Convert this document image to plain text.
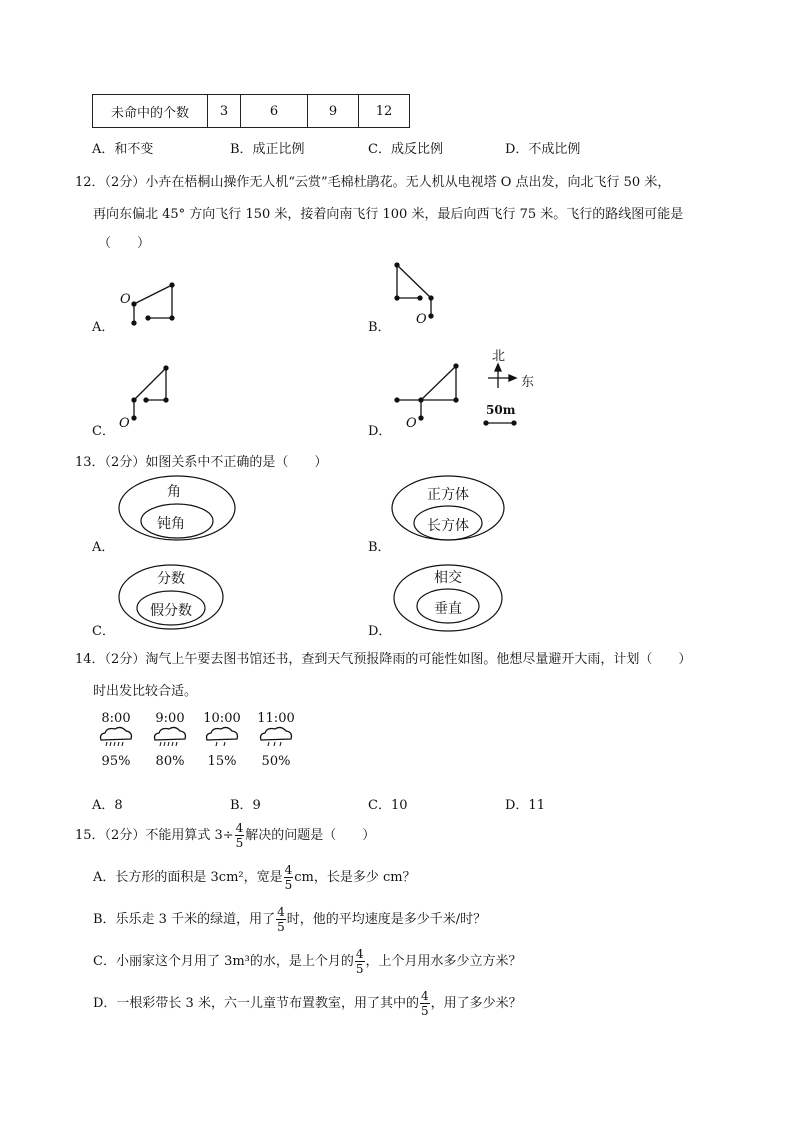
未命中的个数	3	6	9	12
A．和不变	B．成正比例	C．成反比例	D．不成比例
12．（2分）小卉在梧桐山操作无人机“云赏”毛棉杜鹃花。无人机从电视塔 O 点出发，向北飞行 50 米，
再向东偏北 45° 方向飞行 150 米，接着向南飞行 100 米，最后向西飞行 75 米。飞行的路线图可能是
（　　）
A．	B．
C．	D．
O
O
O	O
北
东
50m
13．（2分）如图关系中不正确的是（　　）
A．	B．
C．	D．
角
钝角
正方体
长方体
分数
假分数
相交
垂直
14．（2分）淘气上午要去图书馆还书，查到天气预报降雨的可能性如图。他想尽量避开大雨，计划（　　）
时出发比较合适。
8:00
95%
9:00
80%
10:00
15%
11:00
50%
A．8	B．9	C．10	D．11
15．（2分）不能用算式 $3\div \frac{4}{5}$ 解决的问题是（　　）
A．长方形的面积是 3cm²，宽是 $\frac{4}{5}$ cm，长是多少 cm？
B．乐乐走 3 千米的绿道，用了 $\frac{4}{5}$ 时，他的平均速度是多少千米/时？
C．小丽家这个月用了 3m³的水，是上个月的 $\frac{4}{5}$ ，上个月用水多少立方米？
D．一根彩带长 3 米，六一儿童节布置教室，用了其中的 $\frac{4}{5}$ ，用了多少米？
